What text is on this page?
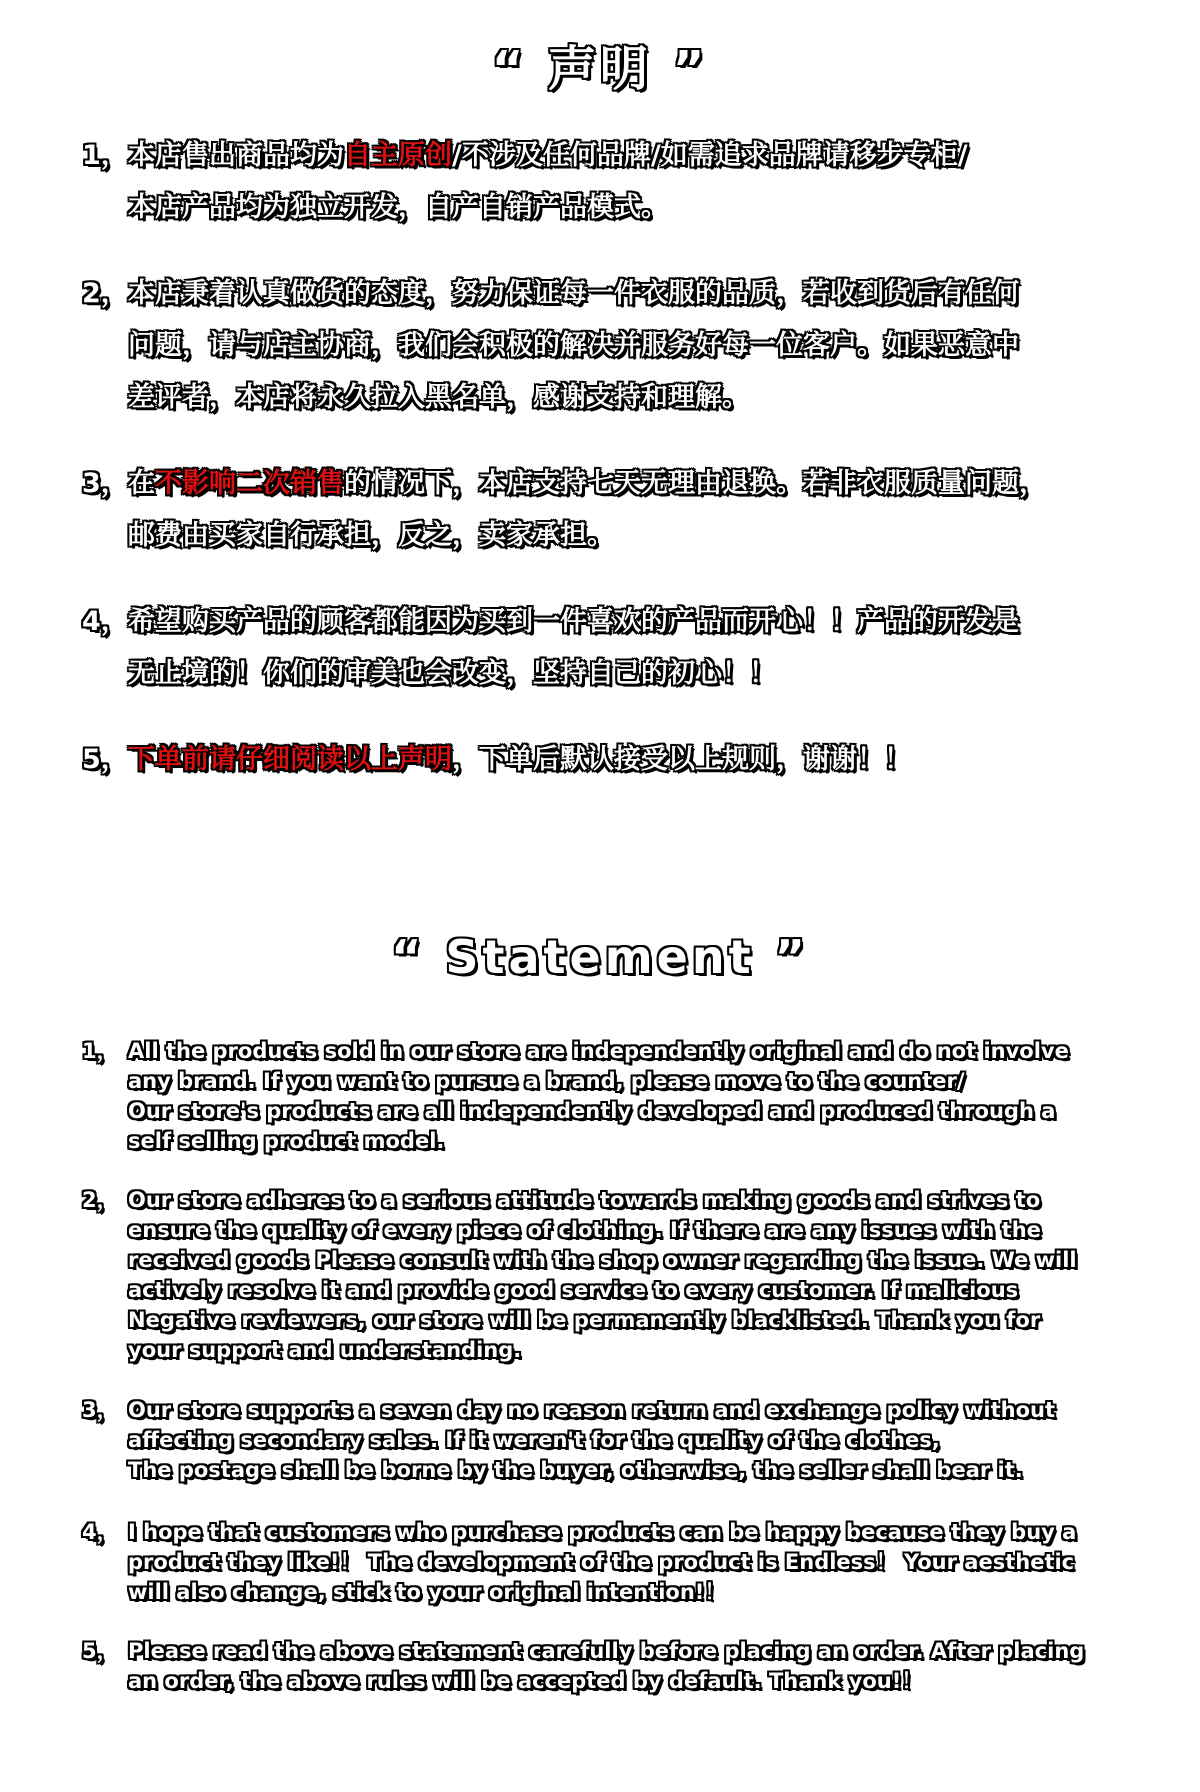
“ 声明 ”
1， 本店售出商品均为自主原创/不涉及任何品牌/如需追求品牌请移步专柜/
本店产品均为独立开发，自产自销产品模式。
2， 本店秉着认真做货的态度，努力保证每一件衣服的品质，若收到货后有任何
问题，请与店主协商，我们会积极的解决并服务好每一位客户。如果恶意中
差评者，本店将永久拉入黑名单，感谢支持和理解。
3， 在不影响二次销售的情况下，本店支持七天无理由退换。若非衣服质量问题，
邮费由买家自行承担，反之，卖家承担。
4， 希望购买产品的顾客都能因为买到一件喜欢的产品而开心！！产品的开发是
无止境的！你们的审美也会改变，坚持自己的初心！！
5， 下单前请仔细阅读以上声明，下单后默认接受以上规则，谢谢！！
“ Statement ”
1， All the products sold in our store are independently original and do not involve
any brand. If you want to pursue a brand, please move to the counter/
Our store's products are all independently developed and produced through a
self selling product model.
2， Our store adheres to a serious attitude towards making goods and strives to
ensure the quality of every piece of clothing. If there are any issues with the
received goods Please consult with the shop owner regarding the issue. We will
actively resolve it and provide good service to every customer. If malicious
Negative reviewers, our store will be permanently blacklisted. Thank you for
your support and understanding.
3， Our store supports a seven day no reason return and exchange policy without
affecting secondary sales. If it weren't for the quality of the clothes,
The postage shall be borne by the buyer, otherwise, the seller shall bear it.
4， I hope that customers who purchase products can be happy because they buy a
product they like!！ The development of the product is Endless！ Your aesthetic
will also change, stick to your original intention!！
5， Please read the above statement carefully before placing an order. After placing
an order, the above rules will be accepted by default. Thank you!！
